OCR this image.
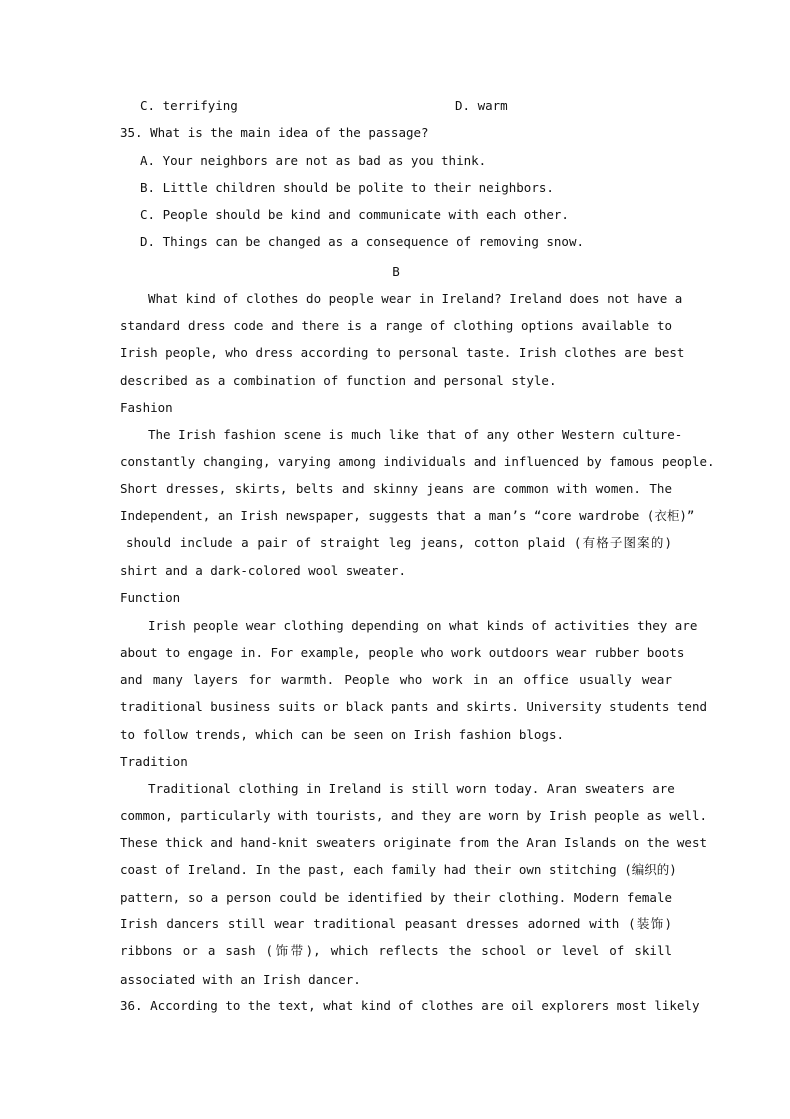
C. terrifying	D. warm
35. What is the main idea of the passage?
A. Your neighbors are not as bad as you think.
B. Little children should be polite to their neighbors.
C. People should be kind and communicate with each other.
D. Things can be changed as a consequence of removing snow.
B
What kind of clothes do people wear in Ireland? Ireland does not have a
standard dress code and there is a range of clothing options available to
Irish people, who dress according to personal taste. Irish clothes are best
described as a combination of function and personal style.
Fashion
The Irish fashion scene is much like that of any other Western culture-
constantly changing, varying among individuals and influenced by famous people.
Short dresses, skirts, belts and skinny jeans are common with women. The
Independent, an Irish newspaper, suggests that a man’s “core wardrobe (衣柜)”
should include a pair of straight leg jeans, cotton plaid (有格子图案的)
shirt and a dark-colored wool sweater.
Function
Irish people wear clothing depending on what kinds of activities they are
about to engage in. For example, people who work outdoors wear rubber boots
and many layers for warmth. People who work in an office usually wear
traditional business suits or black pants and skirts. University students tend
to follow trends, which can be seen on Irish fashion blogs.
Tradition
Traditional clothing in Ireland is still worn today. Aran sweaters are
common, particularly with tourists, and they are worn by Irish people as well.
These thick and hand-knit sweaters originate from the Aran Islands on the west
coast of Ireland. In the past, each family had their own stitching (编织的)
pattern, so a person could be identified by their clothing. Modern female
Irish dancers still wear traditional peasant dresses adorned with (装饰)
ribbons or a sash (饰带), which reflects the school or level of skill
associated with an Irish dancer.
36. According to the text, what kind of clothes are oil explorers most likely
